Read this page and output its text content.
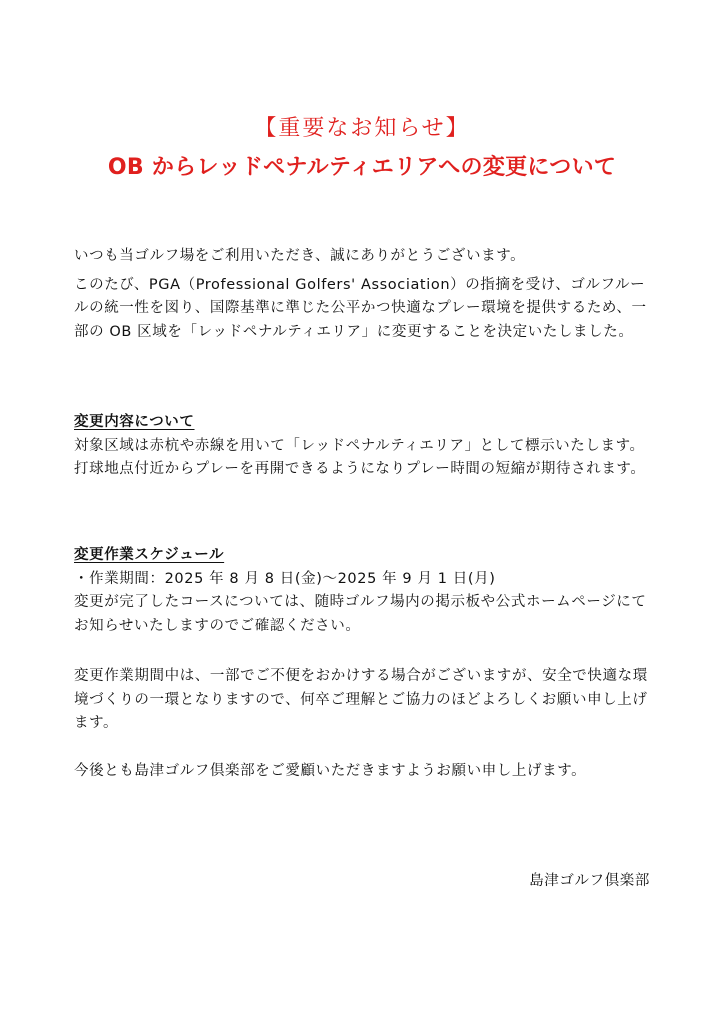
【重要なお知らせ】
OB からレッドペナルティエリアへの変更について

いつも当ゴルフ場をご利用いただき、誠にありがとうございます。

このたび、PGA（Professional Golfers' Association）の指摘を受け、ゴルフルールの統一性を図り、国際基準に準じた公平かつ快適なプレー環境を提供するため、一部の OB 区域を「レッドペナルティエリア」に変更することを決定いたしました。

変更内容について

対象区域は赤杭や赤線を用いて「レッドペナルティエリア」として標示いたします。打球地点付近からプレーを再開できるようになりプレー時間の短縮が期待されます。

変更作業スケジュール

・作業期間：2025 年 8 月 8 日(金)～2025 年 9 月 1 日(月)

変更が完了したコースについては、随時ゴルフ場内の掲示板や公式ホームページにてお知らせいたしますのでご確認ください。

変更作業期間中は、一部でご不便をおかけする場合がございますが、安全で快適な環境づくりの一環となりますので、何卒ご理解とご協力のほどよろしくお願い申し上げます。

今後とも島津ゴルフ倶楽部をご愛顧いただきますようお願い申し上げます。

島津ゴルフ倶楽部
